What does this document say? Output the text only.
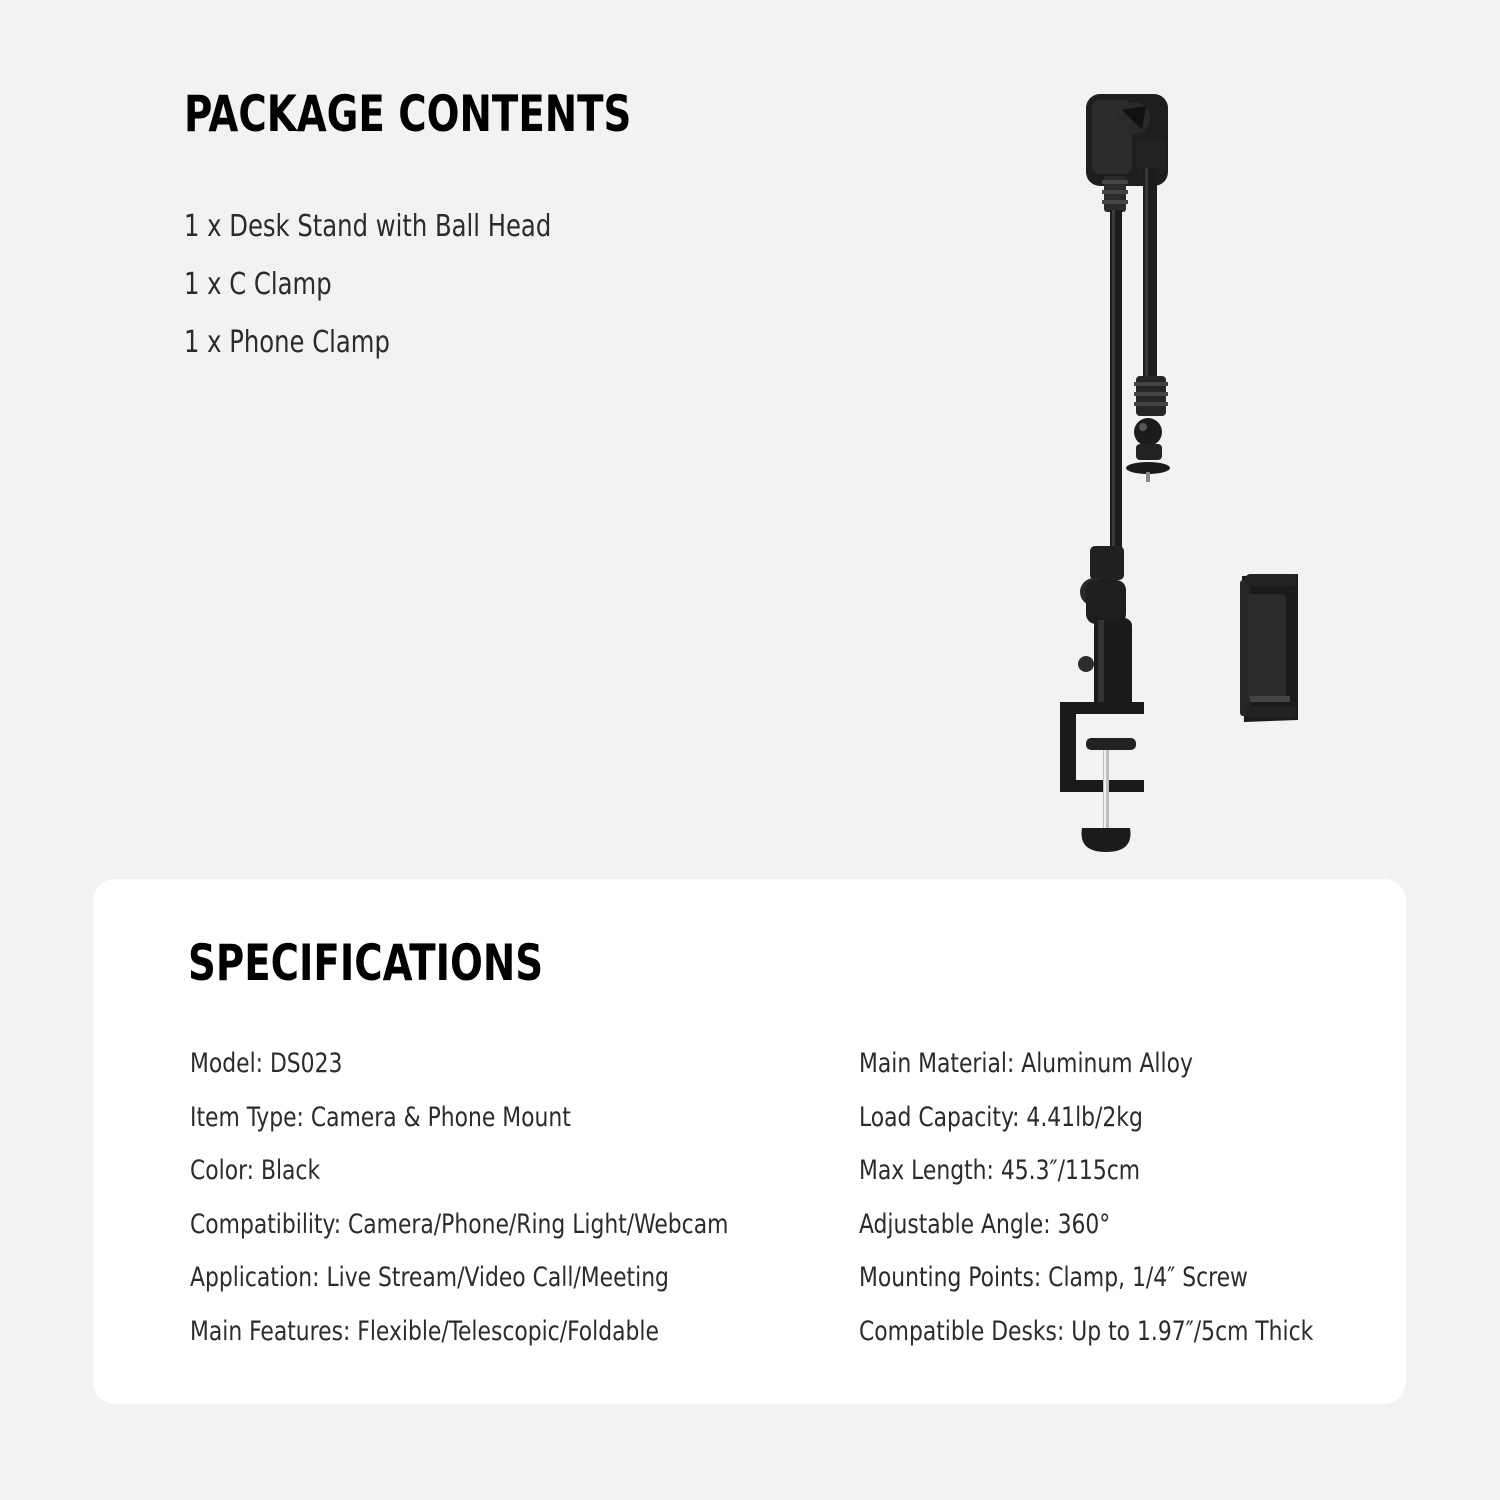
PACKAGE CONTENTS
1 x Desk Stand with Ball Head
1 x C Clamp
1 x Phone Clamp
SPECIFICATIONS
Model: DS023
Item Type: Camera & Phone Mount
Color: Black
Compatibility: Camera/Phone/Ring Light/Webcam
Application: Live Stream/Video Call/Meeting
Main Features: Flexible/Telescopic/Foldable
Main Material: Aluminum Alloy
Load Capacity: 4.41lb/2kg
Max Length: 45.3″/115cm
Adjustable Angle: 360°
Mounting Points: Clamp, 1/4″ Screw
Compatible Desks: Up to 1.97″/5cm Thick
